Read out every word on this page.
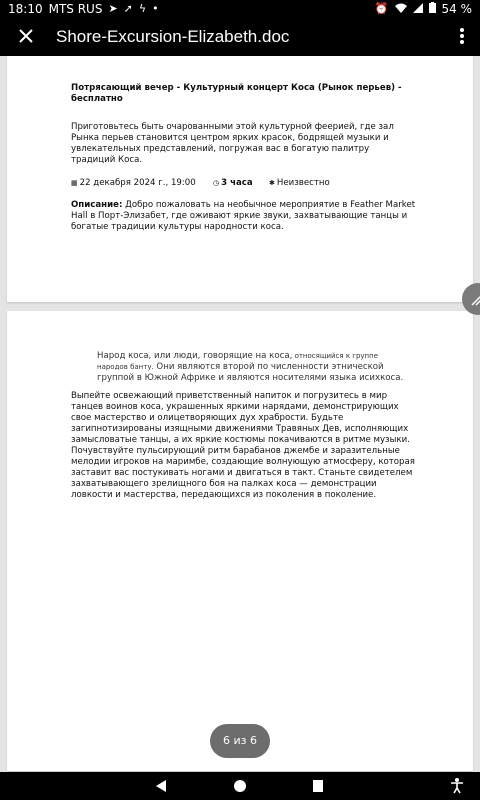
18:10 MTS RUS ➤ ➚ ϟ •	⏰	54 %
Shore-Excursion-Elizabeth.doc
Потрясающий вечер - Культурный концерт Коса (Рынок перьев) - бесплатно
Приготовьтесь быть очарованными этой культурной феерией, где зал Рынка перьев становится центром ярких красок, бодрящей музыки и увлекательных представлений, погружая вас в богатую палитру традиций Коса.
▦ 22 декабря 2024 г., 19:00 ◷ 3 часа ✱ Неизвестно
Описание: Добро пожаловать на необычное мероприятие в Feather Market Hall в Порт-Элизабет, где оживают яркие звуки, захватывающие танцы и богатые традиции культуры народности коса.
Народ коса, или люди, говорящие на коса, относящийся к группе народов банту. Они являются второй по численности этнической группой в Южной Африке и являются носителями языка исихкоса.
Выпейте освежающий приветственный напиток и погрузитесь в мир танцев воинов коса, украшенных яркими нарядами, демонстрирующих свое мастерство и олицетворяющих дух храбрости. Будьте загипнотизированы изящными движениями Травяных Дев, исполняющих замысловатые танцы, а их яркие костюмы покачиваются в ритме музыки. Почувствуйте пульсирующий ритм барабанов джембе и заразительные мелодии игроков на маримбе, создающие волнующую атмосферу, которая заставит вас постукивать ногами и двигаться в такт. Станьте свидетелем захватывающего зрелищного боя на палках коса — демонстрации ловкости и мастерства, передающихся из поколения в поколение.
6 из 6
